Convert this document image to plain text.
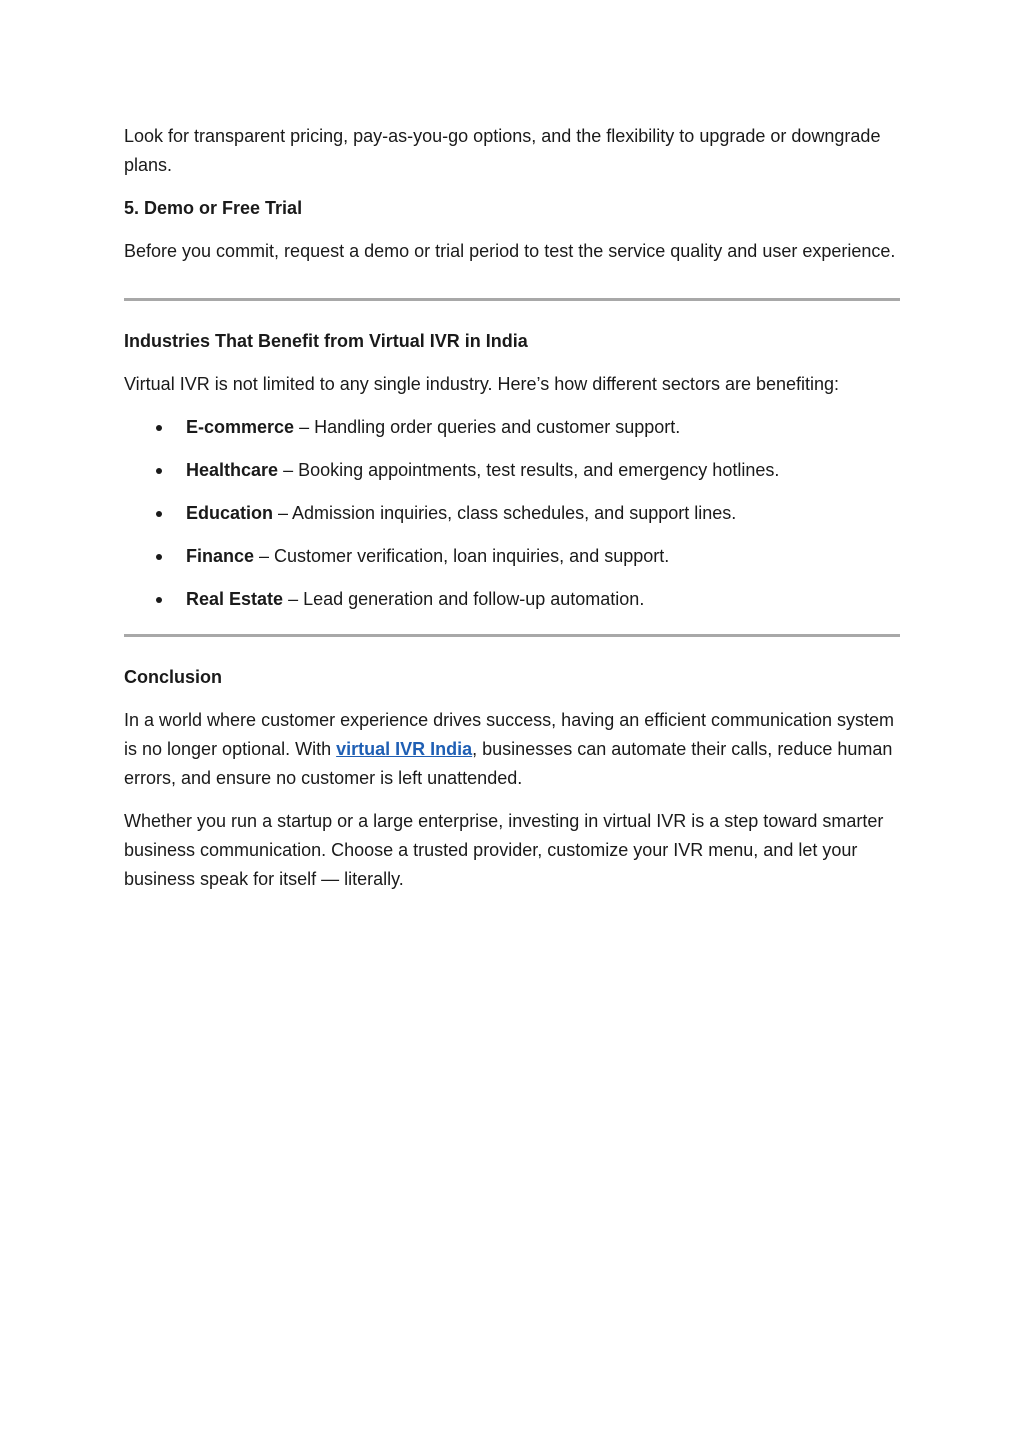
Look for transparent pricing, pay-as-you-go options, and the flexibility to upgrade or downgrade plans.

5. Demo or Free Trial

Before you commit, request a demo or trial period to test the service quality and user experience.

Industries That Benefit from Virtual IVR in India

Virtual IVR is not limited to any single industry. Here’s how different sectors are benefiting:

E-commerce – Handling order queries and customer support.
Healthcare – Booking appointments, test results, and emergency hotlines.
Education – Admission inquiries, class schedules, and support lines.
Finance – Customer verification, loan inquiries, and support.
Real Estate – Lead generation and follow-up automation.

Conclusion

In a world where customer experience drives success, having an efficient communication system is no longer optional. With virtual IVR India, businesses can automate their calls, reduce human errors, and ensure no customer is left unattended.

Whether you run a startup or a large enterprise, investing in virtual IVR is a step toward smarter business communication. Choose a trusted provider, customize your IVR menu, and let your business speak for itself — literally.
